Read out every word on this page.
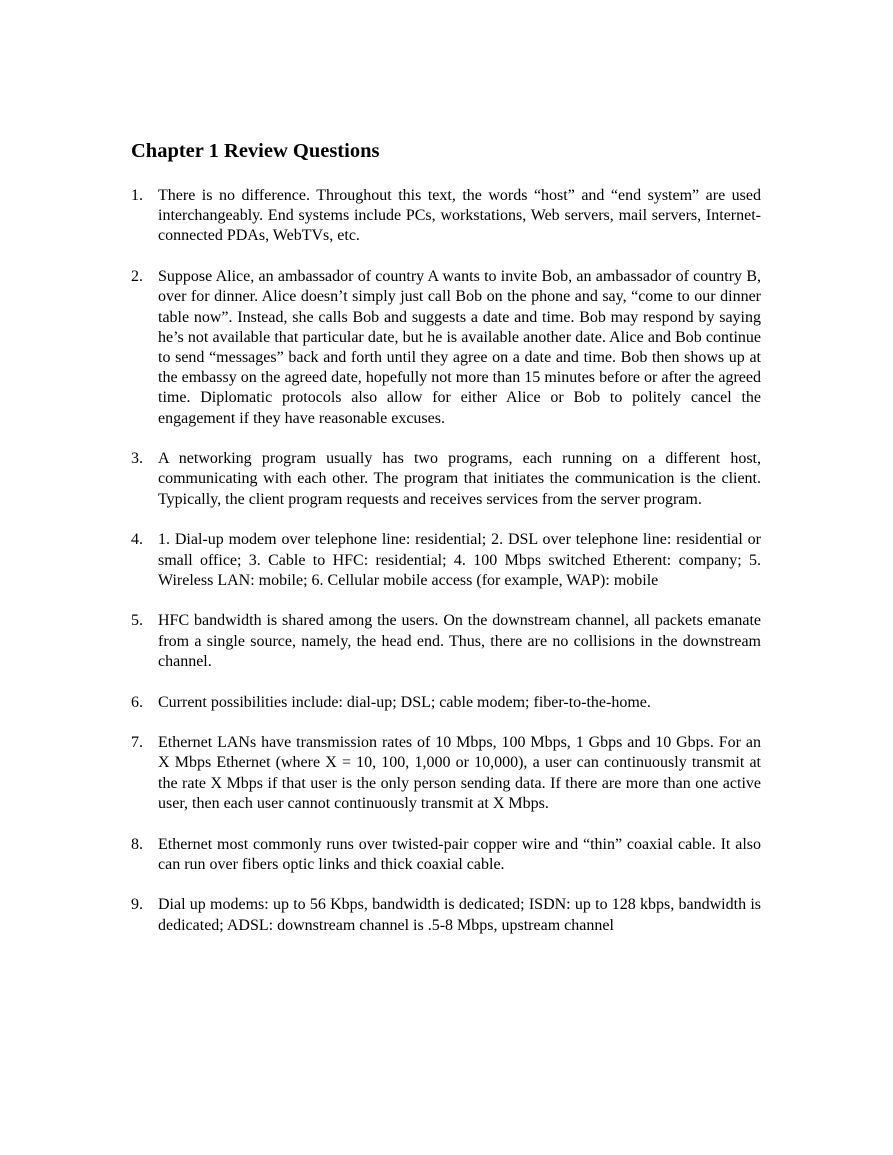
Chapter 1 Review Questions
1. There is no difference. Throughout this text, the words “host” and “end system” are used interchangeably. End systems include PCs, workstations, Web servers, mail servers, Internet-connected PDAs, WebTVs, etc.
2. Suppose Alice, an ambassador of country A wants to invite Bob, an ambassador of country B, over for dinner. Alice doesn’t simply just call Bob on the phone and say, “come to our dinner table now”. Instead, she calls Bob and suggests a date and time. Bob may respond by saying he’s not available that particular date, but he is available another date. Alice and Bob continue to send “messages” back and forth until they agree on a date and time. Bob then shows up at the embassy on the agreed date, hopefully not more than 15 minutes before or after the agreed time. Diplomatic protocols also allow for either Alice or Bob to politely cancel the engagement if they have reasonable excuses.
3. A networking program usually has two programs, each running on a different host, communicating with each other. The program that initiates the communication is the client. Typically, the client program requests and receives services from the server program.
4. 1. Dial-up modem over telephone line: residential; 2. DSL over telephone line: residential or small office; 3. Cable to HFC: residential; 4. 100 Mbps switched Etherent: company; 5. Wireless LAN: mobile; 6. Cellular mobile access (for example, WAP): mobile
5. HFC bandwidth is shared among the users. On the downstream channel, all packets emanate from a single source, namely, the head end. Thus, there are no collisions in the downstream channel.
6. Current possibilities include: dial-up; DSL; cable modem; fiber-to-the-home.
7. Ethernet LANs have transmission rates of 10 Mbps, 100 Mbps, 1 Gbps and 10 Gbps. For an X Mbps Ethernet (where X = 10, 100, 1,000 or 10,000), a user can continuously transmit at the rate X Mbps if that user is the only person sending data. If there are more than one active user, then each user cannot continuously transmit at X Mbps.
8. Ethernet most commonly runs over twisted-pair copper wire and “thin” coaxial cable. It also can run over fibers optic links and thick coaxial cable.
9. Dial up modems: up to 56 Kbps, bandwidth is dedicated; ISDN: up to 128 kbps, bandwidth is dedicated; ADSL: downstream channel is .5-8 Mbps, upstream channel
